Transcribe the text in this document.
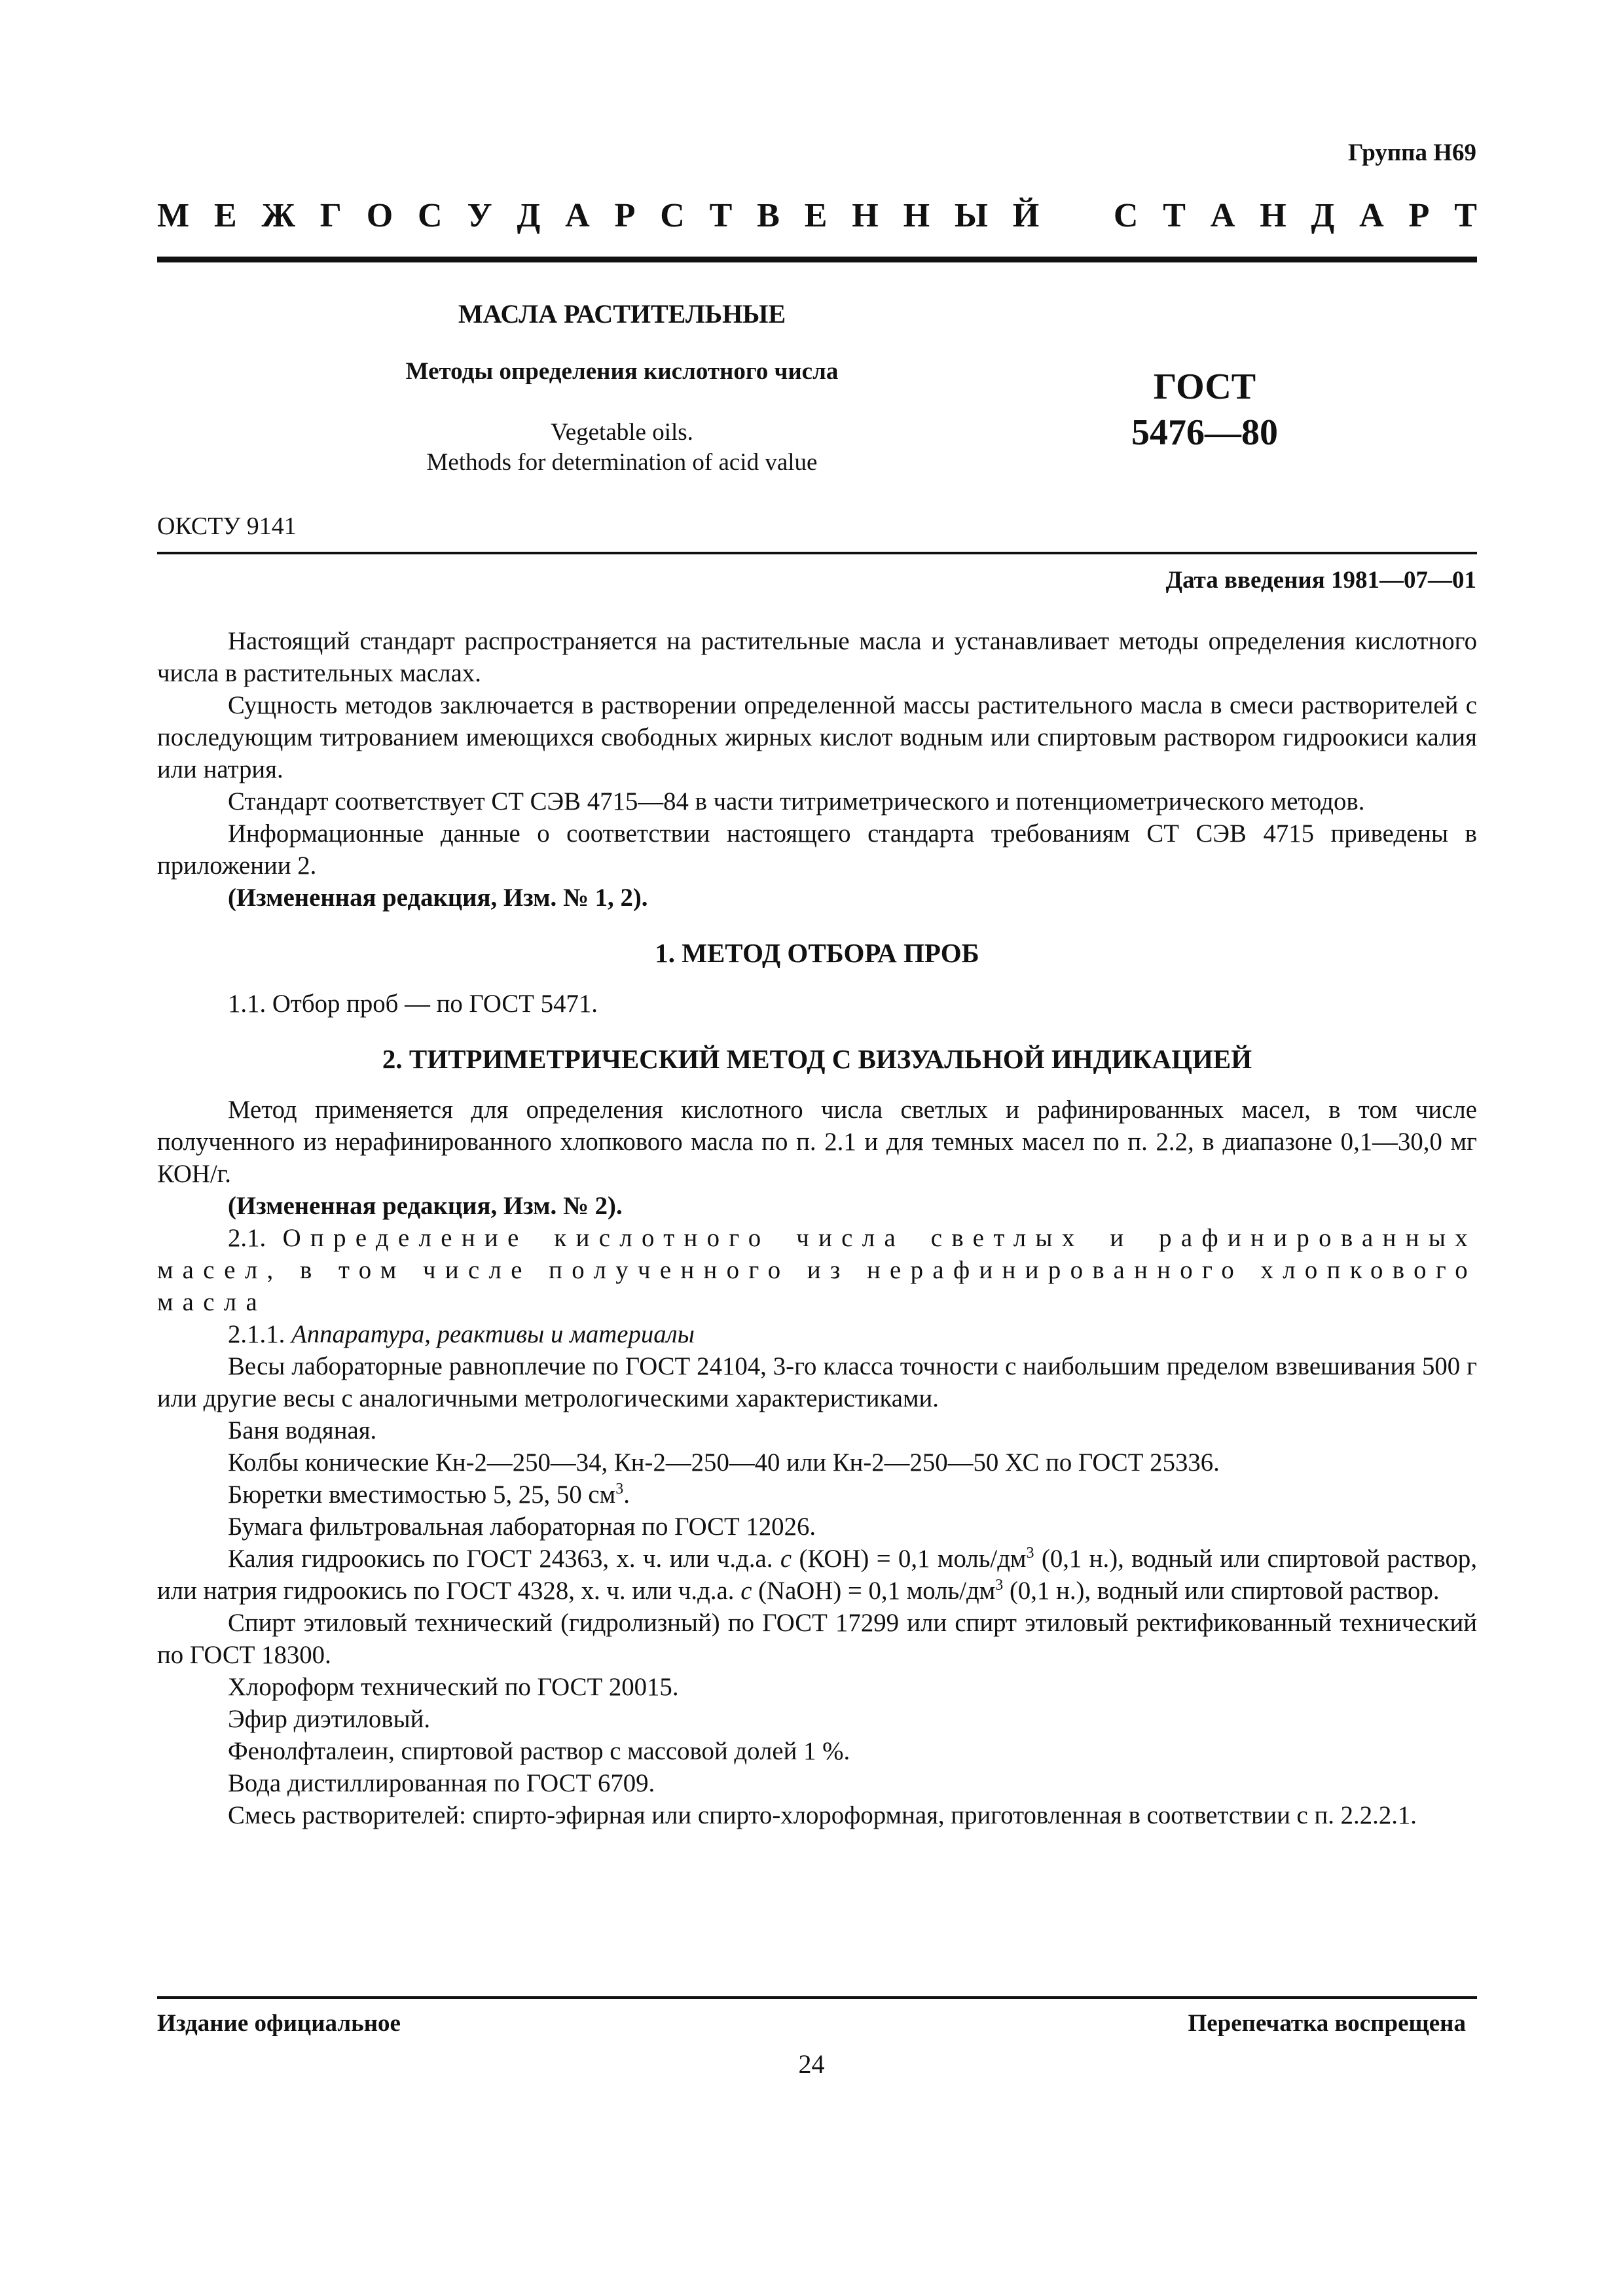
Группа Н69
М Е Ж Г О С У Д А Р С Т В Е Н Н Ы Й С Т А Н Д А Р Т
МАСЛА РАСТИТЕЛЬНЫЕ
Методы определения кислотного числа
Vegetable oils.
Methods for determination of acid value
ГОСТ
5476—80
ОКСТУ 9141
Дата введения 1981—07—01

Настоящий стандарт распространяется на растительные масла и устанавливает методы определения кислотного числа в растительных маслах.

Сущность методов заключается в растворении определенной массы растительного масла в смеси растворителей с последующим титрованием имеющихся свободных жирных кислот водным или спиртовым раствором гидроокиси калия или натрия.

Стандарт соответствует СТ СЭВ 4715—84 в части титриметрического и потенциометрического методов.

Информационные данные о соответствии настоящего стандарта требованиям СТ СЭВ 4715 приведены в приложении 2.

(Измененная редакция, Изм. № 1, 2).

1. МЕТОД ОТБОРА ПРОБ

1.1. Отбор проб — по ГОСТ 5471.

2. ТИТРИМЕТРИЧЕСКИЙ МЕТОД С ВИЗУАЛЬНОЙ ИНДИКАЦИЕЙ

Метод применяется для определения кислотного числа светлых и рафинированных масел, в том числе полученного из нерафинированного хлопкового масла по п. 2.1 и для темных масел по п. 2.2, в диапазоне 0,1—30,0 мг КОН/г.

(Измененная редакция, Изм. № 2).

2.1. Определение кислотного числа светлых и рафинированных масел, в том числе полученного из нерафинированного хлопкового масла

2.1.1. Аппаратура, реактивы и материалы

Весы лабораторные равноплечие по ГОСТ 24104, 3-го класса точности с наибольшим пределом взвешивания 500 г или другие весы с аналогичными метрологическими характеристиками.

Баня водяная.

Колбы конические Кн-2—250—34, Кн-2—250—40 или Кн-2—250—50 ХС по ГОСТ 25336.

Бюретки вместимостью 5, 25, 50 $см^3$.

Бумага фильтровальная лабораторная по ГОСТ 12026.

Калия гидроокись по ГОСТ 24363, х. ч. или ч.д.а. с (КОН) = 0,1 моль/$дм^3$ (0,1 н.), водный или спиртовой раствор, или натрия гидроокись по ГОСТ 4328, х. ч. или ч.д.а. с (NaOH) = 0,1 моль/$дм^3$ (0,1 н.), водный или спиртовой раствор.

Спирт этиловый технический (гидролизный) по ГОСТ 17299 или спирт этиловый ректификованный технический по ГОСТ 18300.

Хлороформ технический по ГОСТ 20015.

Эфир диэтиловый.

Фенолфталеин, спиртовой раствор с массовой долей 1 %.

Вода дистиллированная по ГОСТ 6709.

Смесь растворителей: спирто-эфирная или спирто-хлороформная, приготовленная в соответствии с п. 2.2.2.1.

Издание официальное	Перепечатка воспрещена
24
